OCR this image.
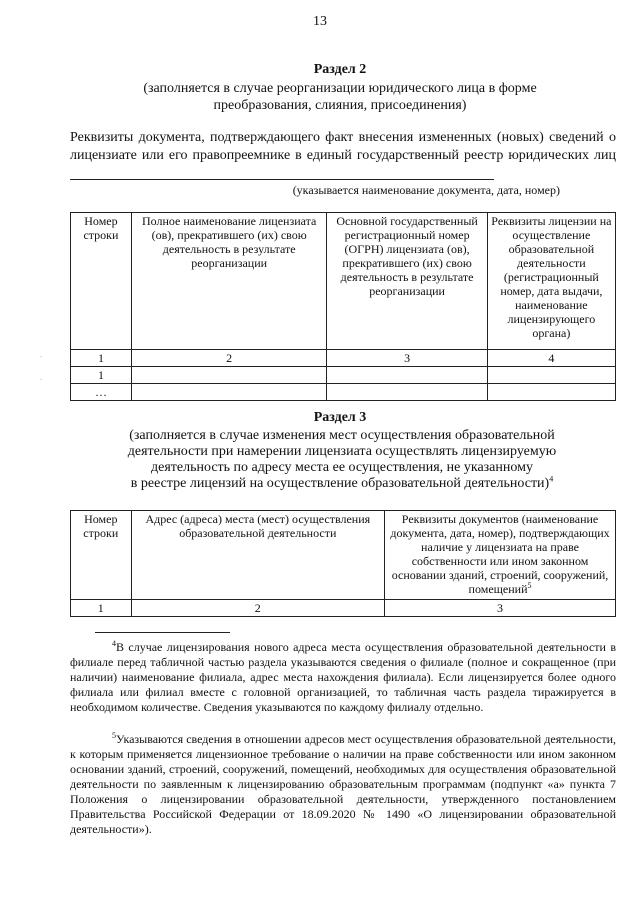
13
Раздел 2
(заполняется в случае реорганизации юридического лица в форме
преобразования, слияния, присоединения)
Реквизиты документа, подтверждающего факт внесения измененных (новых) сведений о лицензиате или его правопреемнике в единый государственный реестр юридических лиц
(указывается наименование документа, дата, номер)
Номер строки	Полное наименование лицензиата (ов), прекратившего (их) свою деятельность в результате реорганизации	Основной государственный регистрационный номер (ОГРН) лицензиата (ов), прекратившего (их) свою деятельность в результате реорганизации	Реквизиты лицензии на осуществление образовательной деятельности (регистрационный номер, дата выдачи, наименование лицензирующего органа)
1	2	3	4
1			
…			
.
.
Раздел 3
(заполняется в случае изменения мест осуществления образовательной
деятельности при намерении лицензиата осуществлять лицензируемую
деятельность по адресу места ее осуществления, не указанному
в реестре лицензий на осуществление образовательной деятельности)$^4$
Номер строки	Адрес (адреса) места (мест) осуществления образовательной деятельности	Реквизиты документов (наименование документа, дата, номер), подтверждающих наличие у лицензиата на праве собственности или ином законном основании зданий, строений, сооружений, помещений$^5$
1	2	3
$^4$В случае лицензирования нового адреса места осуществления образовательной деятельности в филиале перед табличной частью раздела указываются сведения о филиале (полное и сокращенное (при наличии) наименование филиала, адрес места нахождения филиала). Если лицензируется более одного филиала или филиал вместе с головной организацией, то табличная часть раздела тиражируется в необходимом количестве. Сведения указываются по каждому филиалу отдельно.
$^5$Указываются сведения в отношении адресов мест осуществления образовательной деятельности, к которым применяется лицензионное требование о наличии на праве собственности или ином законном основании зданий, строений, сооружений, помещений, необходимых для осуществления образовательной деятельности по заявленным к лицензированию образовательным программам (подпункт «а» пункта 7 Положения о лицензировании образовательной деятельности, утвержденного постановлением Правительства Российской Федерации от 18.09.2020 № 1490 «О лицензировании образовательной деятельности»).
